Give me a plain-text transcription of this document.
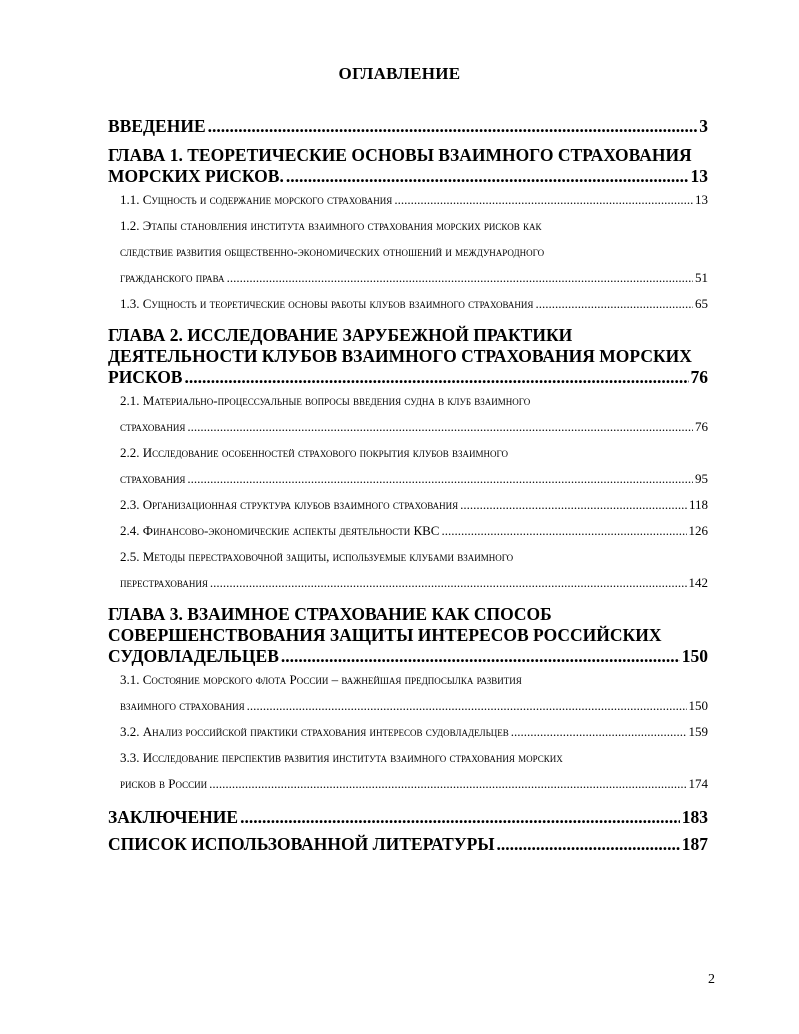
ОГЛАВЛЕНИЕ
ВВЕДЕНИЕ .....	3
ГЛАВА 1. ТЕОРЕТИЧЕСКИЕ ОСНОВЫ ВЗАИМНОГО СТРАХОВАНИЯ
МОРСКИХ РИСКОВ. .....	13
1.1. Сущность и содержание морского страхования .....	13
1.2. Этапы становления института взаимного страхования морских рисков как
следствие развития общественно-экономических отношений и международного
гражданского права .....	51
1.3. Сущность и теоретические основы работы клубов взаимного страхования .....	65
ГЛАВА 2. ИССЛЕДОВАНИЕ ЗАРУБЕЖНОЙ ПРАКТИКИ
ДЕЯТЕЛЬНОСТИ КЛУБОВ ВЗАИМНОГО СТРАХОВАНИЯ МОРСКИХ
РИСКОВ .....	76
2.1. Материально-процессуальные вопросы введения судна в клуб взаимного
страхования .....	76
2.2. Исследование особенностей страхового покрытия клубов взаимного
страхования .....	95
2.3. Организационная структура клубов взаимного страхования .....	118
2.4. Финансово-экономические аспекты деятельности КВС .....	126
2.5. Методы перестраховочной защиты, используемые клубами взаимного
перестрахования .....	142
ГЛАВА 3. ВЗАИМНОЕ СТРАХОВАНИЕ КАК СПОСОБ
СОВЕРШЕНСТВОВАНИЯ ЗАЩИТЫ ИНТЕРЕСОВ РОССИЙСКИХ
СУДОВЛАДЕЛЬЦЕВ .....	150
3.1. Состояние морского флота России – важнейшая предпосылка развития
взаимного страхования .....	150
3.2. Анализ российской практики страхования интересов судовладельцев .....	159
3.3. Исследование перспектив развития института взаимного страхования морских
рисков в России .....	174
ЗАКЛЮЧЕНИЕ .....	183
СПИСОК ИСПОЛЬЗОВАННОЙ ЛИТЕРАТУРЫ .....	187
2
